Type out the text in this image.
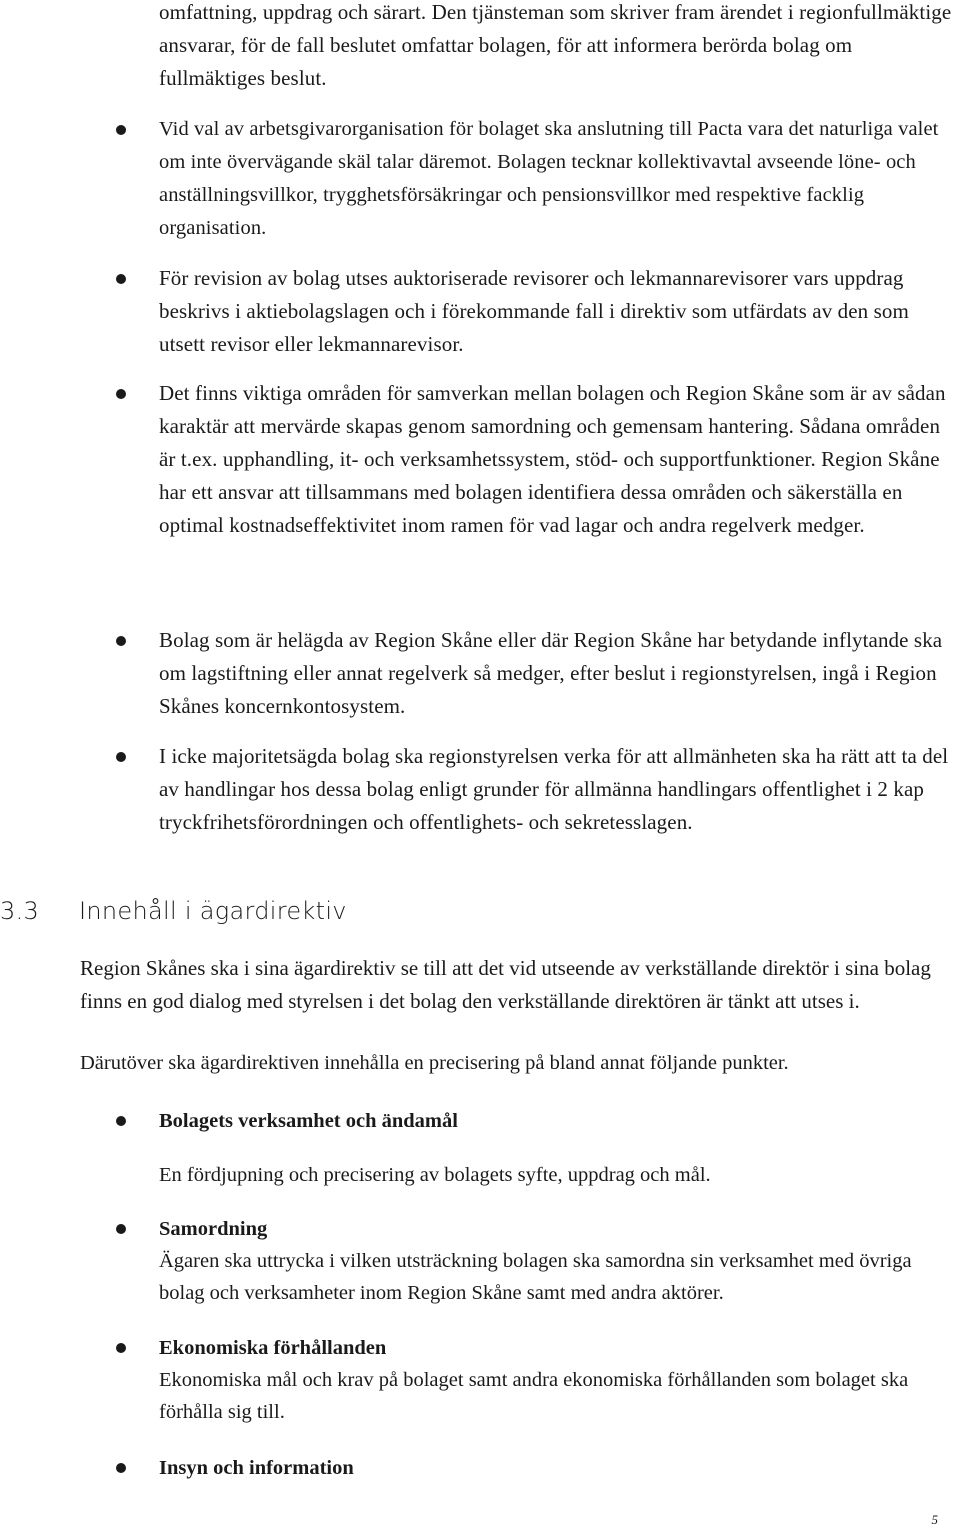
omfattning, uppdrag och särart. Den tjänsteman som skriver fram ärendet i regionfullmäktige ansvarar, för de fall beslutet omfattar bolagen, för att informera berörda bolag om fullmäktiges beslut.
Vid val av arbetsgivarorganisation för bolaget ska anslutning till Pacta vara det naturliga valet om inte övervägande skäl talar däremot. Bolagen tecknar kollektivavtal avseende löne- och anställningsvillkor, trygghetsförsäkringar och pensionsvillkor med respektive facklig organisation.
För revision av bolag utses auktoriserade revisorer och lekmannarevisorer vars uppdrag beskrivs i aktiebolagslagen och i förekommande fall i direktiv som utfärdats av den som utsett revisor eller lekmannarevisor.
Det finns viktiga områden för samverkan mellan bolagen och Region Skåne som är av sådan karaktär att mervärde skapas genom samordning och gemensam hantering. Sådana områden är t.ex. upphandling, it- och verksamhetssystem, stöd- och supportfunktioner. Region Skåne har ett ansvar att tillsammans med bolagen identifiera dessa områden och säkerställa en optimal kostnadseffektivitet inom ramen för vad lagar och andra regelverk medger.
Bolag som är helägda av Region Skåne eller där Region Skåne har betydande inflytande ska om lagstiftning eller annat regelverk så medger, efter beslut i regionstyrelsen, ingå i Region Skånes koncernkontosystem.
I icke majoritetsägda bolag ska regionstyrelsen verka för att allmänheten ska ha rätt att ta del av handlingar hos dessa bolag enligt grunder för allmänna handlingars offentlighet i 2 kap tryckfrihetsförordningen och offentlighets- och sekretesslagen.
3.3 Innehåll i ägardirektiv
Region Skånes ska i sina ägardirektiv se till att det vid utseende av verkställande direktör i sina bolag finns en god dialog med styrelsen i det bolag den verkställande direktören är tänkt att utses i.
Därutöver ska ägardirektiven innehålla en precisering på bland annat följande punkter.
Bolagets verksamhet och ändamål
En fördjupning och precisering av bolagets syfte, uppdrag och mål.
Samordning
Ägaren ska uttrycka i vilken utsträckning bolagen ska samordna sin verksamhet med övriga bolag och verksamheter inom Region Skåne samt med andra aktörer.
Ekonomiska förhållanden
Ekonomiska mål och krav på bolaget samt andra ekonomiska förhållanden som bolaget ska förhålla sig till.
Insyn och information
5
